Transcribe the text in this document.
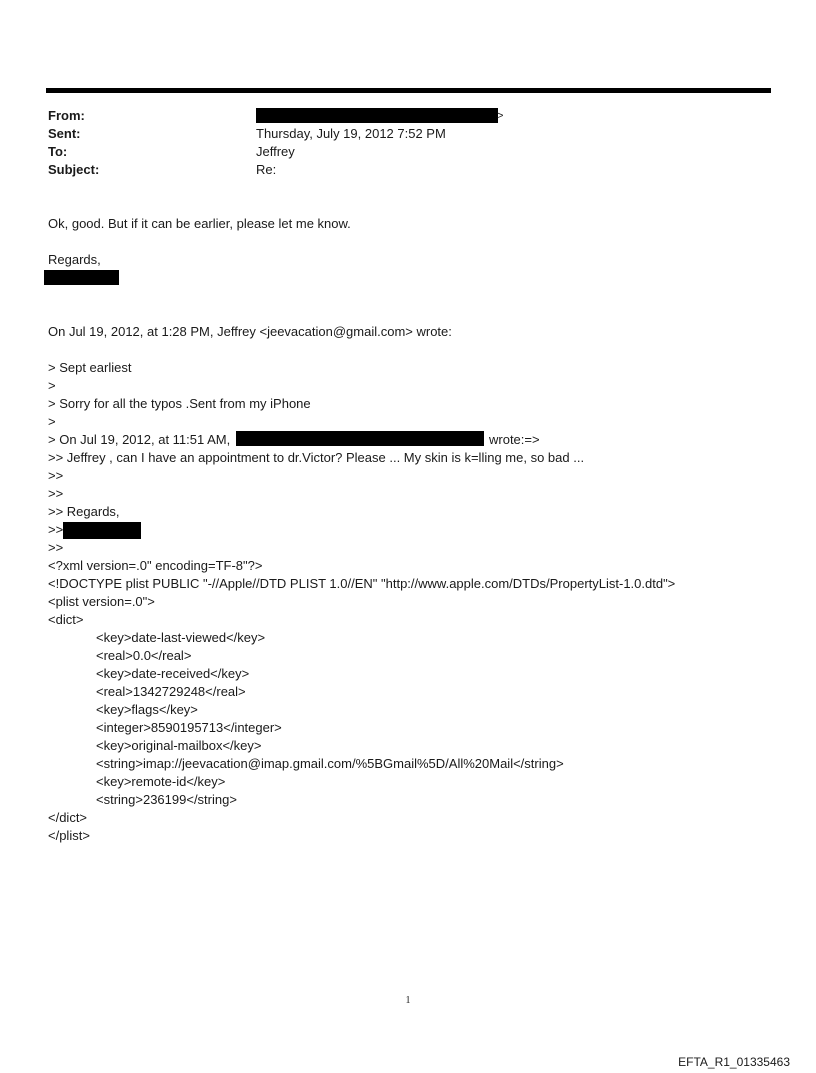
From:	>
Sent:	Thursday, July 19, 2012 7:52 PM
To:	Jeffrey
Subject:	Re:
Ok, good. But if it can be earlier, please let me know.
Regards,
On Jul 19, 2012, at 1:28 PM, Jeffrey <jeevacation@gmail.com> wrote:
> Sept earliest
>
> Sorry for all the typos .Sent from my iPhone
>
> On Jul 19, 2012, at 11:51 AM,	wrote:=>
>> Jeffrey , can I have an appointment to dr.Victor? Please ... My skin is k=lling me, so bad ...
>>
>>
>> Regards,
>>
>>
<?xml version=.0" encoding=TF-8"?>
<!DOCTYPE plist PUBLIC "-//Apple//DTD PLIST 1.0//EN" "http://www.apple.com/DTDs/PropertyList-1.0.dtd">
<plist version=.0">
<dict>
<key>date-last-viewed</key>
<real>0.0</real>
<key>date-received</key>
<real>1342729248</real>
<key>flags</key>
<integer>8590195713</integer>
<key>original-mailbox</key>
<string>imap://jeevacation@imap.gmail.com/%5BGmail%5D/All%20Mail</string>
<key>remote-id</key>
<string>236199</string>
</dict>
</plist>
1
EFTA_R1_01335463
